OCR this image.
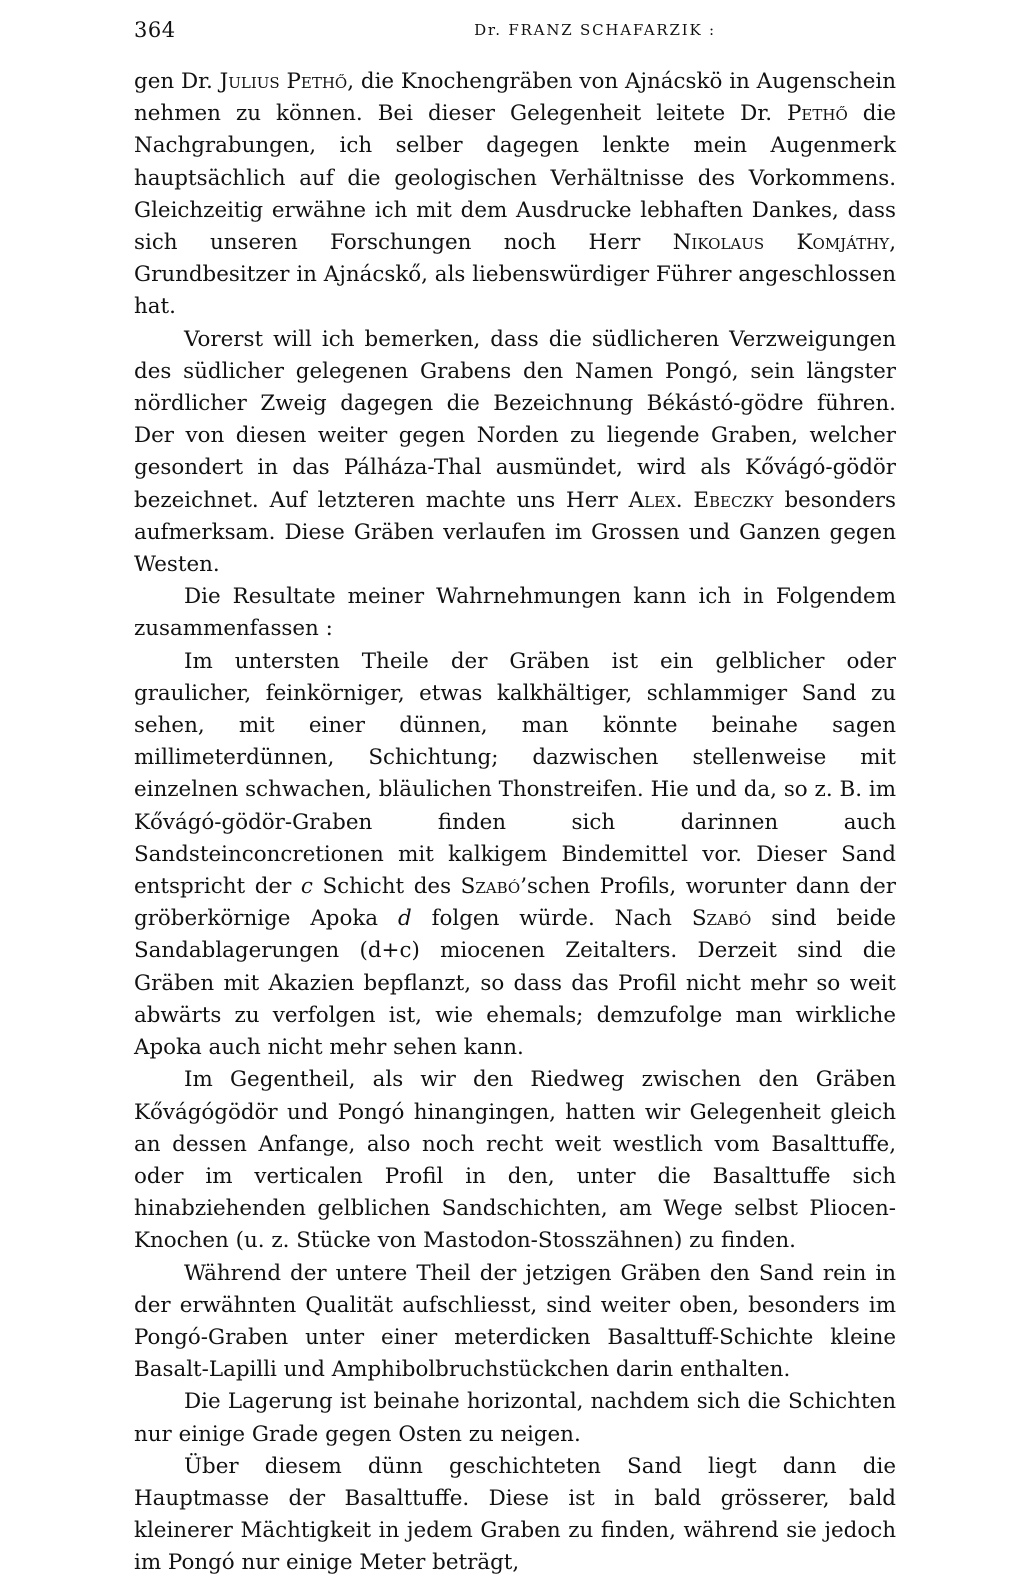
364	Dr. FRANZ SCHAFARZIK :

gen Dr. Julius Pethő, die Knochengräben von Ajnácskö in Augenschein nehmen zu können. Bei dieser Gelegenheit leitete Dr. Pethő die Nachgrabungen, ich selber dagegen lenkte mein Augenmerk hauptsächlich auf die geologischen Verhältnisse des Vorkommens. Gleichzeitig erwähne ich mit dem Ausdrucke lebhaften Dankes, dass sich unseren Forschungen noch Herr Nikolaus Komjáthy, Grundbesitzer in Ajnácskő, als liebenswürdiger Führer angeschlossen hat.

Vorerst will ich bemerken, dass die südlicheren Verzweigungen des südlicher gelegenen Grabens den Namen Pongó, sein längster nördlicher Zweig dagegen die Bezeichnung Békástó-gödre führen. Der von diesen weiter gegen Norden zu liegende Graben, welcher gesondert in das Pálháza-Thal ausmündet, wird als Kővágó-gödör bezeichnet. Auf letzteren machte uns Herr Alex. Ebeczky besonders aufmerksam. Diese Gräben verlaufen im Grossen und Ganzen gegen Westen.

Die Resultate meiner Wahrnehmungen kann ich in Folgendem zusammenfassen :

Im untersten Theile der Gräben ist ein gelblicher oder graulicher, feinkörniger, etwas kalkhältiger, schlammiger Sand zu sehen, mit einer dünnen, man könnte beinahe sagen millimeterdünnen, Schichtung; dazwischen stellenweise mit einzelnen schwachen, bläulichen Thonstreifen. Hie und da, so z. B. im Kővágó-gödör-Graben finden sich darinnen auch Sandsteinconcretionen mit kalkigem Bindemittel vor. Dieser Sand entspricht der c Schicht des Szabó’schen Profils, worunter dann der gröberkörnige Apoka d folgen würde. Nach Szabó sind beide Sandablagerungen (d+c) miocenen Zeitalters. Derzeit sind die Gräben mit Akazien bepflanzt, so dass das Profil nicht mehr so weit abwärts zu verfolgen ist, wie ehemals; demzufolge man wirkliche Apoka auch nicht mehr sehen kann.

Im Gegentheil, als wir den Riedweg zwischen den Gräben Kővágógödör und Pongó hinangingen, hatten wir Gelegenheit gleich an dessen Anfange, also noch recht weit westlich vom Basalttuffe, oder im verticalen Profil in den, unter die Basalttuffe sich hinabziehenden gelblichen Sandschichten, am Wege selbst Pliocen-Knochen (u. z. Stücke von Mastodon-Stosszähnen) zu finden.

Während der untere Theil der jetzigen Gräben den Sand rein in der erwähnten Qualität aufschliesst, sind weiter oben, besonders im Pongó-Graben unter einer meterdicken Basalttuff-Schichte kleine Basalt-Lapilli und Amphibolbruchstückchen darin enthalten.

Die Lagerung ist beinahe horizontal, nachdem sich die Schichten nur einige Grade gegen Osten zu neigen.

Über diesem dünn geschichteten Sand liegt dann die Hauptmasse der Basalttuffe. Diese ist in bald grösserer, bald kleinerer Mächtigkeit in jedem Graben zu finden, während sie jedoch im Pongó nur einige Meter beträgt,
